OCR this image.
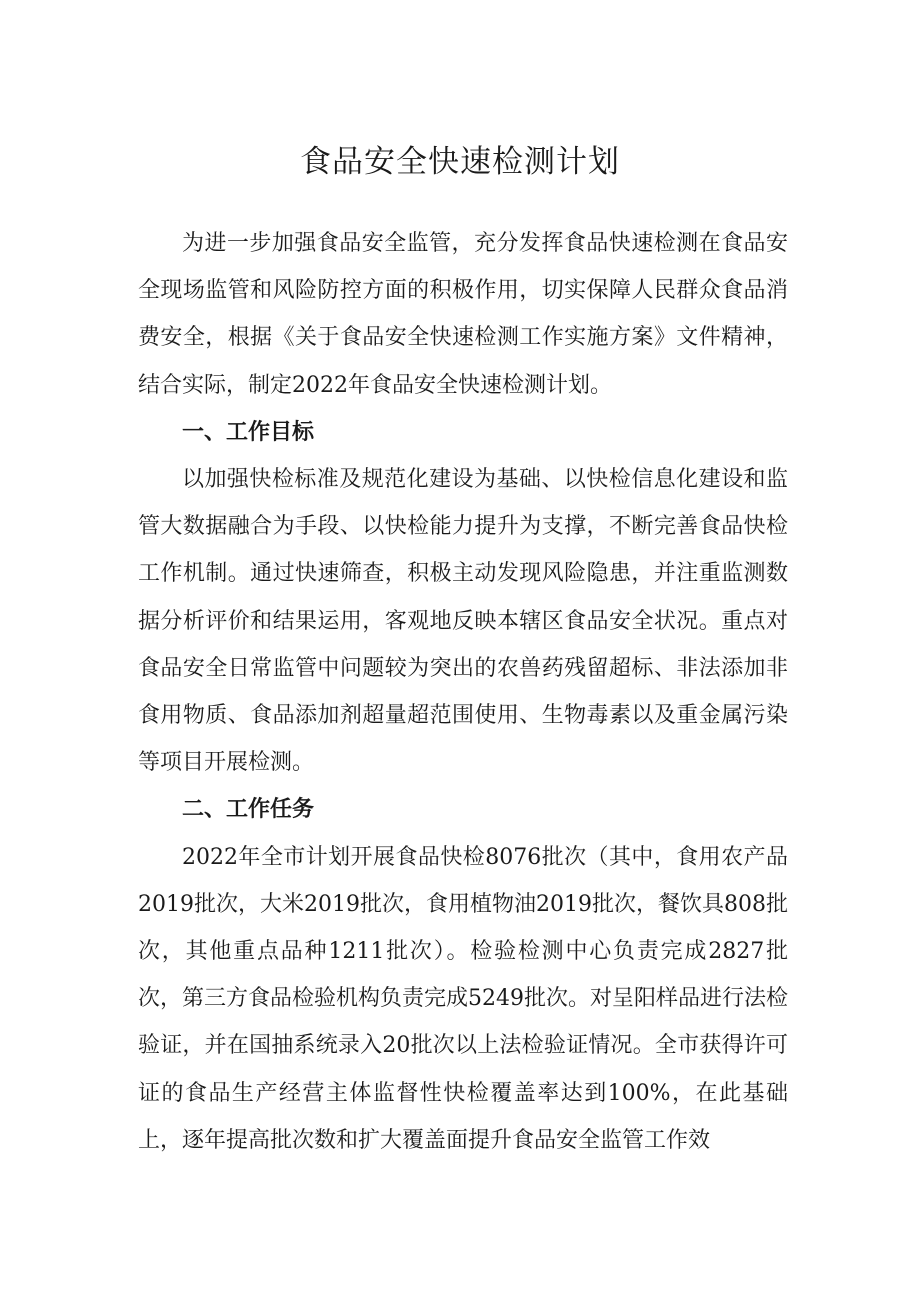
食品安全快速检测计划

为进一步加强食品安全监管，充分发挥食品快速检测在食品安全现场监管和风险防控方面的积极作用，切实保障人民群众食品消费安全，根据《关于食品安全快速检测工作实施方案》文件精神，结合实际，制定2022年食品安全快速检测计划。

一、工作目标

以加强快检标准及规范化建设为基础、以快检信息化建设和监管大数据融合为手段、以快检能力提升为支撑，不断完善食品快检工作机制。通过快速筛查，积极主动发现风险隐患，并注重监测数据分析评价和结果运用，客观地反映本辖区食品安全状况。重点对食品安全日常监管中问题较为突出的农兽药残留超标、非法添加非食用物质、食品添加剂超量超范围使用、生物毒素以及重金属污染等项目开展检测。

二、工作任务

2022年全市计划开展食品快检8076批次（其中，食用农产品2019批次，大米2019批次，食用植物油2019批次，餐饮具808批次，其他重点品种1211批次）。检验检测中心负责完成2827批次，第三方食品检验机构负责完成5249批次。对呈阳样品进行法检验证，并在国抽系统录入20批次以上法检验证情况。全市获得许可证的食品生产经营主体监督性快检覆盖率达到100%，在此基础上，逐年提高批次数和扩大覆盖面提升食品安全监管工作效
